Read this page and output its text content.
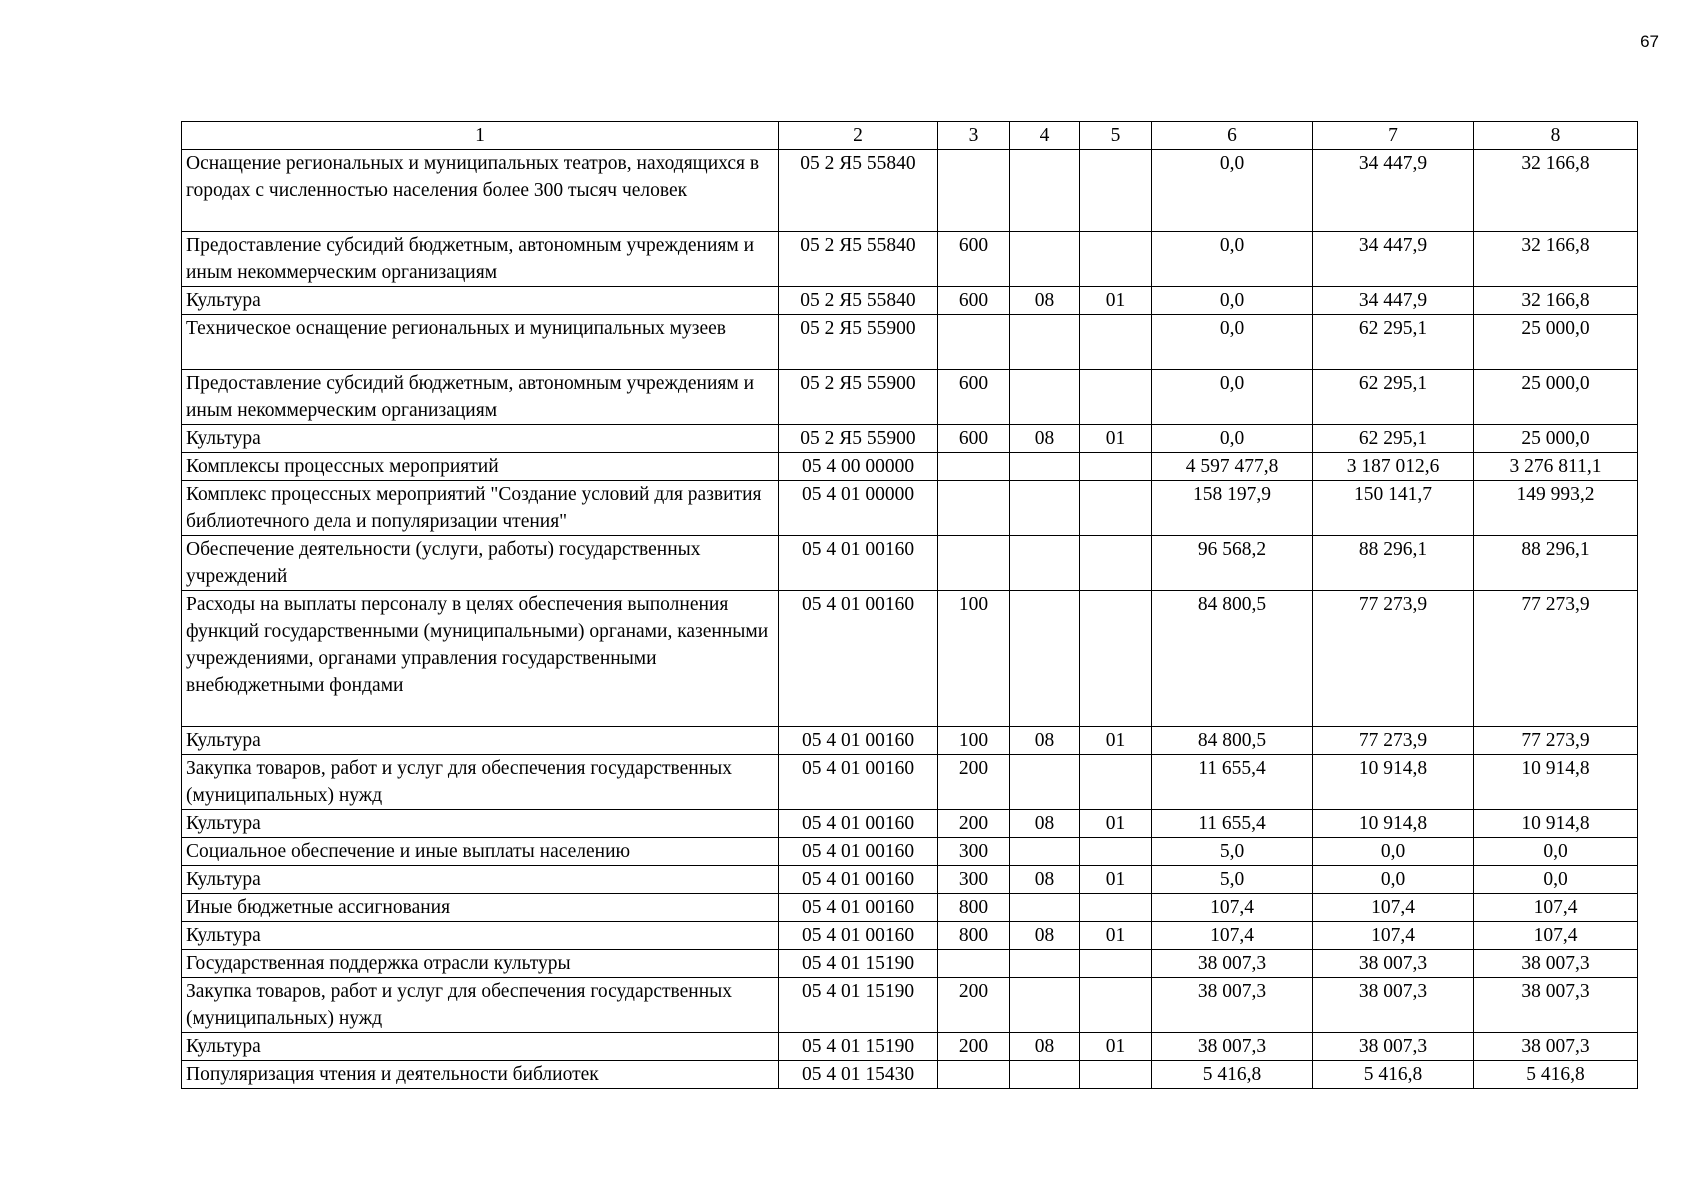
67
1	2	3	4	5	6	7	8
Оснащение региональных и муниципальных театров, находящихся в городах с численностью населения более 300 тысяч человек	05 2 Я5 55840				0,0	34 447,9	32 166,8
Предоставление субсидий бюджетным, автономным учреждениям и иным некоммерческим организациям	05 2 Я5 55840	600			0,0	34 447,9	32 166,8
Культура	05 2 Я5 55840	600	08	01	0,0	34 447,9	32 166,8
Техническое оснащение региональных и муниципальных музеев	05 2 Я5 55900				0,0	62 295,1	25 000,0
Предоставление субсидий бюджетным, автономным учреждениям и иным некоммерческим организациям	05 2 Я5 55900	600			0,0	62 295,1	25 000,0
Культура	05 2 Я5 55900	600	08	01	0,0	62 295,1	25 000,0
Комплексы процессных мероприятий	05 4 00 00000				4 597 477,8	3 187 012,6	3 276 811,1
Комплекс процессных мероприятий "Создание условий для развития библиотечного дела и популяризации чтения"	05 4 01 00000				158 197,9	150 141,7	149 993,2
Обеспечение деятельности (услуги, работы) государственных учреждений	05 4 01 00160				96 568,2	88 296,1	88 296,1
Расходы на выплаты персоналу в целях обеспечения выполнения функций государственными (муниципальными) органами, казенными учреждениями, органами управления государственными внебюджетными фондами	05 4 01 00160	100			84 800,5	77 273,9	77 273,9
Культура	05 4 01 00160	100	08	01	84 800,5	77 273,9	77 273,9
Закупка товаров, работ и услуг для обеспечения государственных (муниципальных) нужд	05 4 01 00160	200			11 655,4	10 914,8	10 914,8
Культура	05 4 01 00160	200	08	01	11 655,4	10 914,8	10 914,8
Социальное обеспечение и иные выплаты населению	05 4 01 00160	300			5,0	0,0	0,0
Культура	05 4 01 00160	300	08	01	5,0	0,0	0,0
Иные бюджетные ассигнования	05 4 01 00160	800			107,4	107,4	107,4
Культура	05 4 01 00160	800	08	01	107,4	107,4	107,4
Государственная поддержка отрасли культуры	05 4 01 15190				38 007,3	38 007,3	38 007,3
Закупка товаров, работ и услуг для обеспечения государственных (муниципальных) нужд	05 4 01 15190	200			38 007,3	38 007,3	38 007,3
Культура	05 4 01 15190	200	08	01	38 007,3	38 007,3	38 007,3
Популяризация чтения и деятельности библиотек	05 4 01 15430				5 416,8	5 416,8	5 416,8
